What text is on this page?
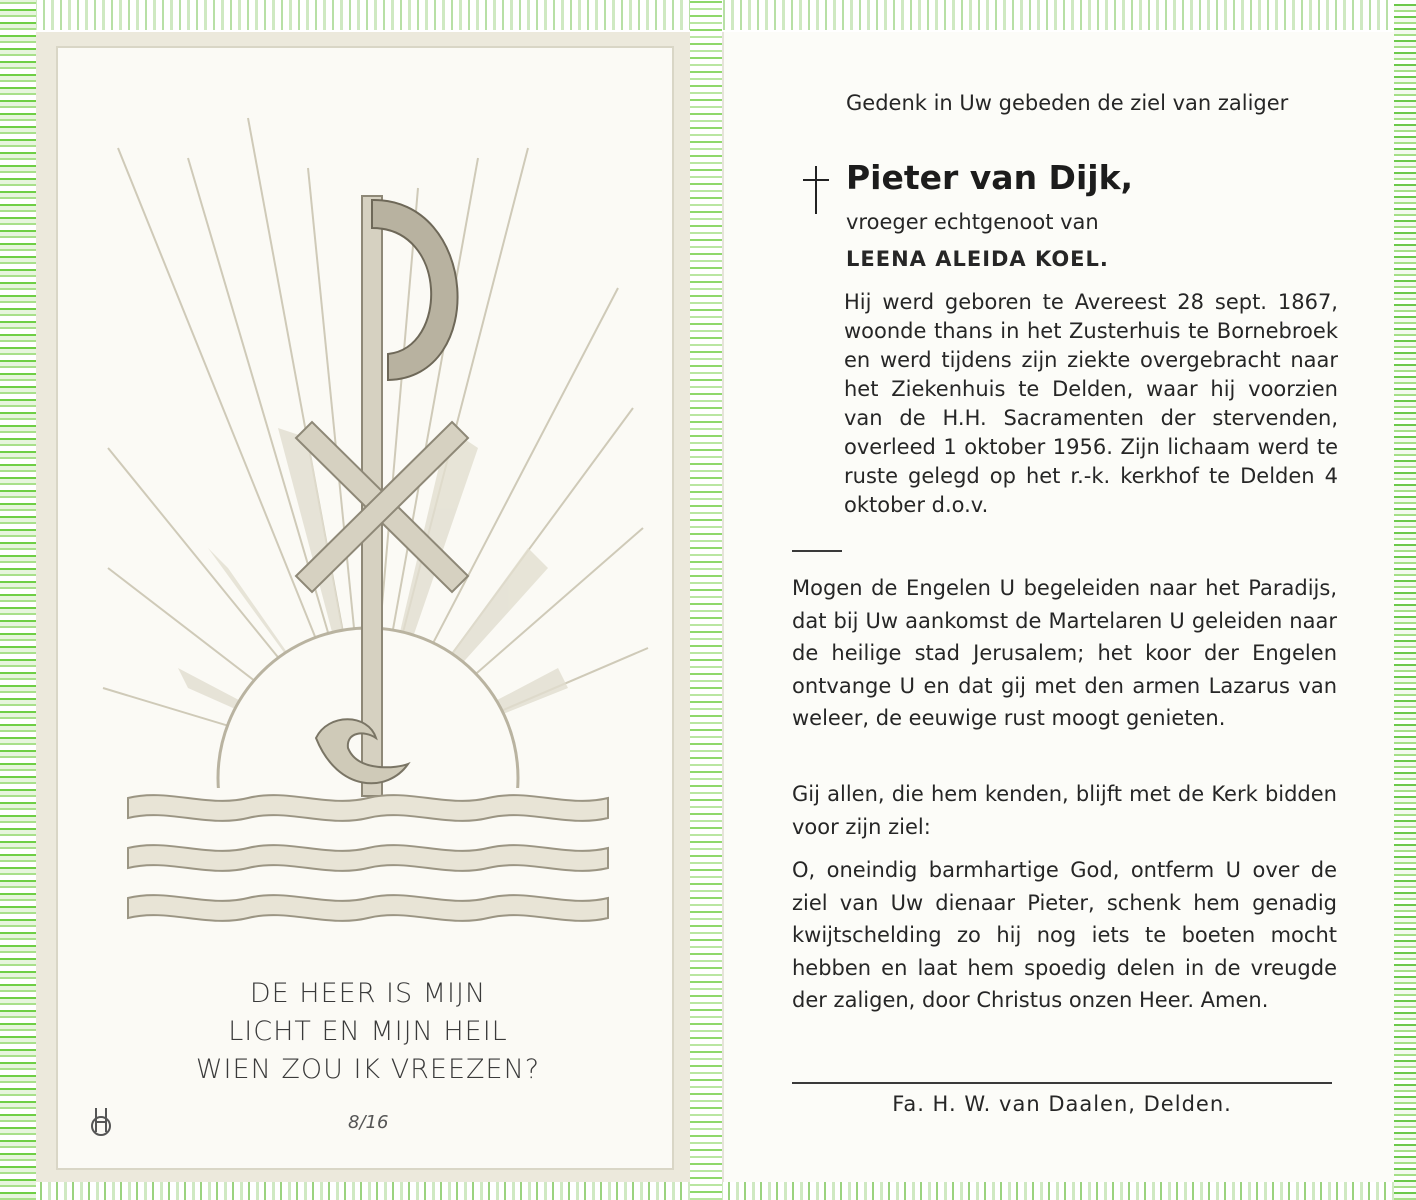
DE HEER IS MIJN
LICHT EN MIJN HEIL
WIEN ZOU IK VREEZEN?
8/16
Gedenk in Uw gebeden de ziel van zaliger
Pieter van Dijk,
vroeger echtgenoot van
LEENA ALEIDA KOEL.
Hij werd geboren te Avereest 28 sept. 1867, woonde thans in het Zusterhuis te Bornebroek en werd tijdens zijn ziekte overgebracht naar het Ziekenhuis te Delden, waar hij voorzien van de H.H. Sacramenten der stervenden, overleed 1 oktober 1956. Zijn lichaam werd te ruste gelegd op het r.-k. kerkhof te Delden 4 oktober d.o.v.
Mogen de Engelen U begeleiden naar het Paradijs, dat bij Uw aankomst de Martelaren U geleiden naar de heilige stad Jerusalem; het koor der Engelen ontvange U en dat gij met den armen Lazarus van weleer, de eeuwige rust moogt genieten.
Gij allen, die hem kenden, blijft met de Kerk bidden voor zijn ziel:
O, oneindig barmhartige God, ontferm U over de ziel van Uw dienaar Pieter, schenk hem genadig kwijtschelding zo hij nog iets te boeten mocht hebben en laat hem spoedig delen in de vreugde der zaligen, door Christus onzen Heer. Amen.
Fa. H. W. van Daalen, Delden.
